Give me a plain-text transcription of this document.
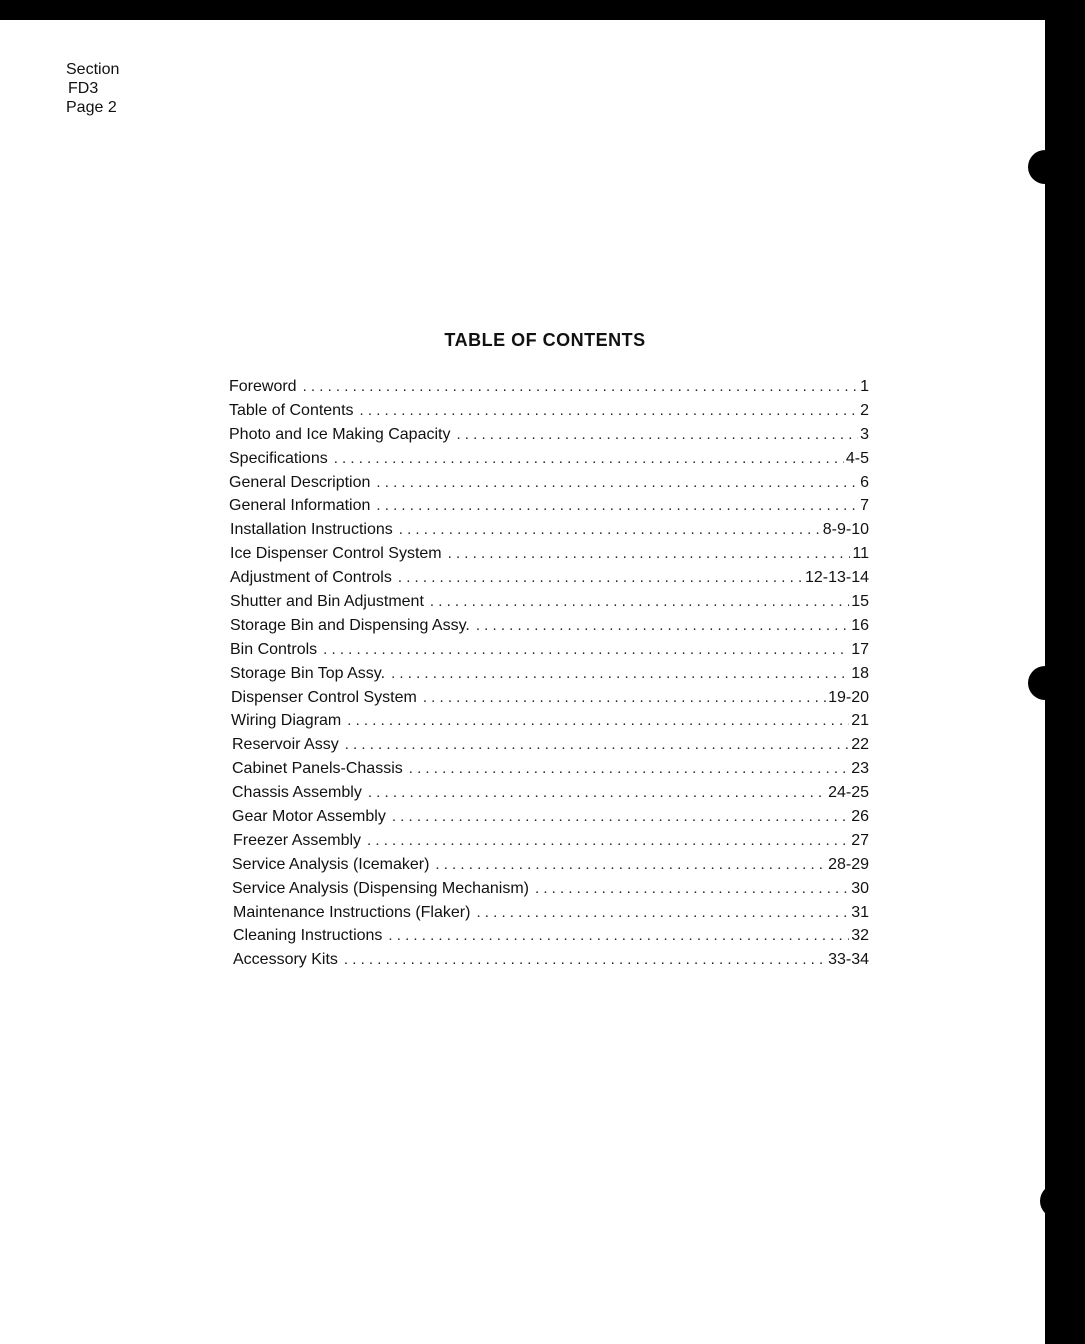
Section
FD3
Page 2
TABLE OF CONTENTS
Foreword . . .	1
Table of Contents . . .	2
Photo and Ice Making Capacity . . .	3
Specifications . . .	4-5
General Description . . .	6
General Information . . .	7
Installation Instructions . . .	8-9-10
Ice Dispenser Control System . . .	11
Adjustment of Controls . . .	12-13-14
Shutter and Bin Adjustment . . .	15
Storage Bin and Dispensing Assy. . . .	16
Bin Controls . . .	17
Storage Bin Top Assy. . . .	18
Dispenser Control System . . .	19-20
Wiring Diagram . . .	21
Reservoir Assy . . .	22
Cabinet Panels-Chassis . . .	23
Chassis Assembly . . .	24-25
Gear Motor Assembly . . .	26
Freezer Assembly . . .	27
Service Analysis (Icemaker) . . .	28-29
Service Analysis (Dispensing Mechanism) . . .	30
Maintenance Instructions (Flaker) . . .	31
Cleaning Instructions . . .	32
Accessory Kits . . .	33-34
